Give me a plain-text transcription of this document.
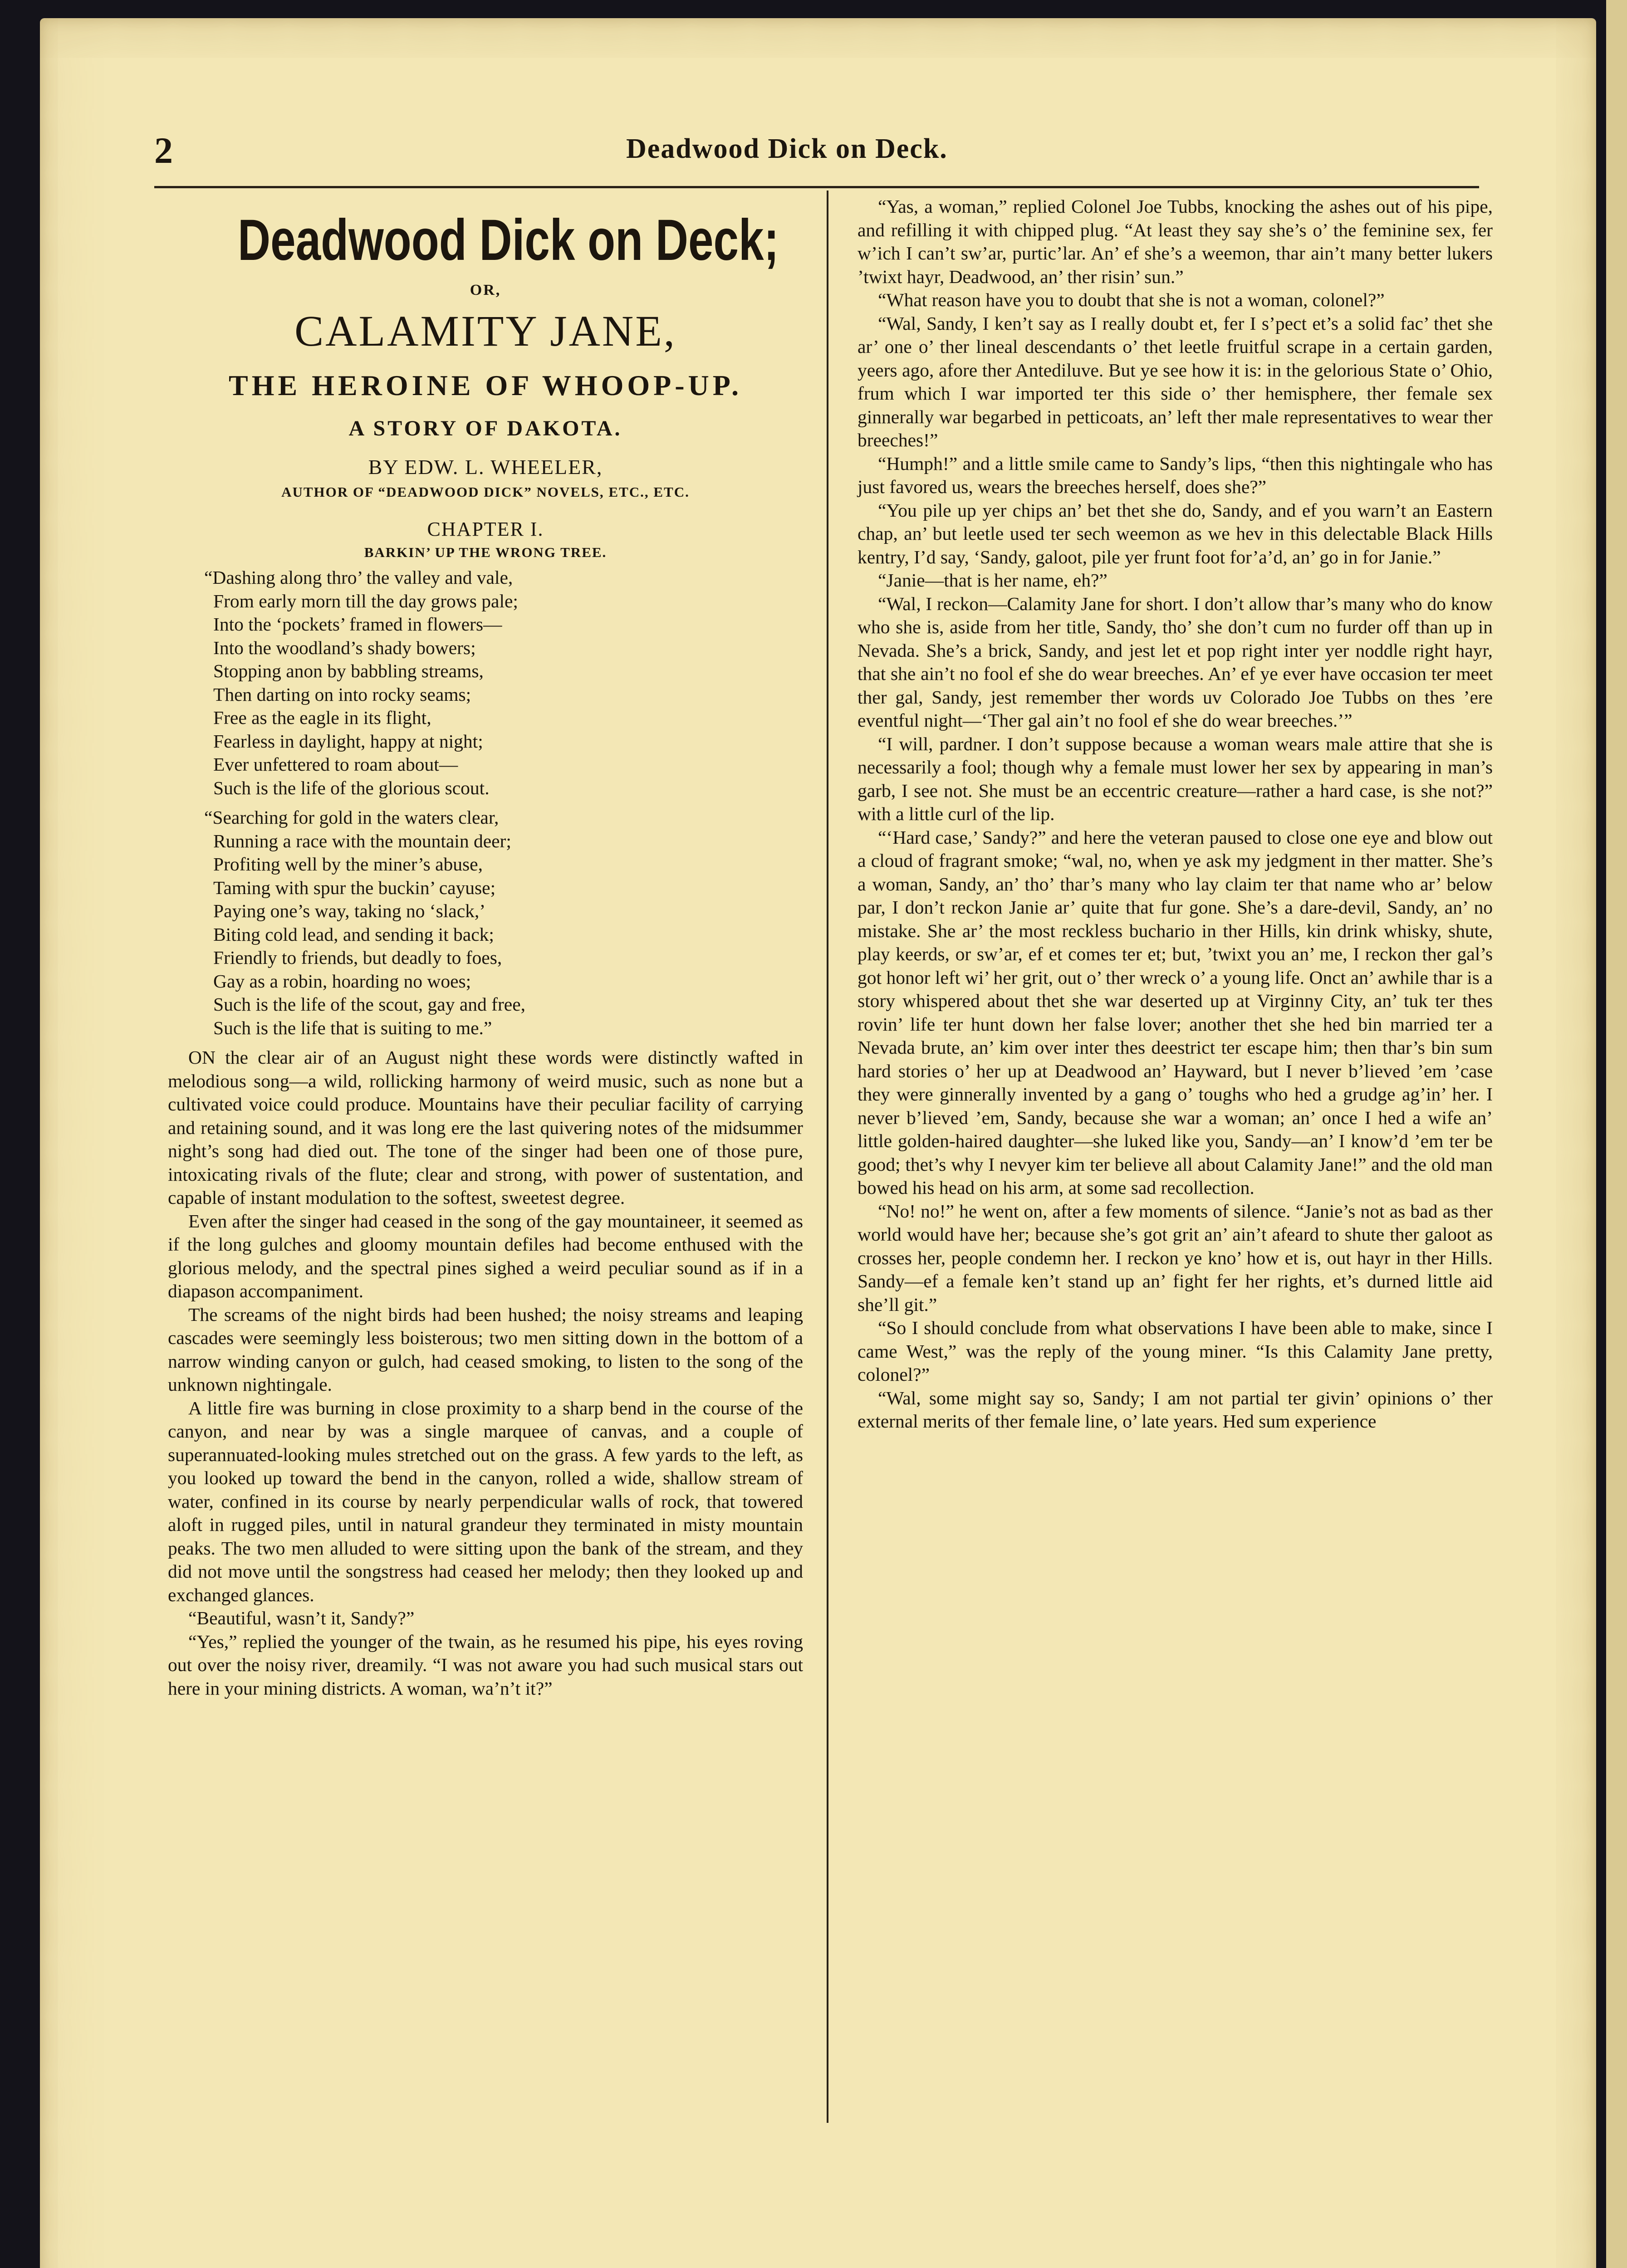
2	Deadwood Dick on Deck.
Deadwood Dick on Deck;
OR,
CALAMITY JANE,
THE HEROINE OF WHOOP-UP.
A STORY OF DAKOTA.
BY EDW. L. WHEELER,
AUTHOR OF “DEADWOOD DICK” NOVELS, ETC., ETC.
CHAPTER I.
BARKIN’ UP THE WRONG TREE.
“Dashing along thro’ the valley and vale,
From early morn till the day grows pale;
Into the ‘pockets’ framed in flowers—
Into the woodland’s shady bowers;
Stopping anon by babbling streams,
Then darting on into rocky seams;
Free as the eagle in its flight,
Fearless in daylight, happy at night;
Ever unfettered to roam about—
Such is the life of the glorious scout.
“Searching for gold in the waters clear,
Running a race with the mountain deer;
Profiting well by the miner’s abuse,
Taming with spur the buckin’ cayuse;
Paying one’s way, taking no ‘slack,’
Biting cold lead, and sending it back;
Friendly to friends, but deadly to foes,
Gay as a robin, hoarding no woes;
Such is the life of the scout, gay and free,
Such is the life that is suiting to me.”

ON the clear air of an August night these words were distinctly wafted in melodious song—a wild, rollicking harmony of weird music, such as none but a cultivated voice could produce. Mountains have their peculiar facility of carrying and retaining sound, and it was long ere the last quivering notes of the midsummer night’s song had died out. The tone of the singer had been one of those pure, intoxicating rivals of the flute; clear and strong, with power of sustentation, and capable of instant modulation to the softest, sweetest degree.

Even after the singer had ceased in the song of the gay mountaineer, it seemed as if the long gulches and gloomy mountain defiles had become enthused with the glorious melody, and the spectral pines sighed a weird peculiar sound as if in a diapason accompaniment.

The screams of the night birds had been hushed; the noisy streams and leaping cascades were seemingly less boisterous; two men sitting down in the bottom of a narrow winding canyon or gulch, had ceased smoking, to listen to the song of the unknown nightingale.

A little fire was burning in close proximity to a sharp bend in the course of the canyon, and near by was a single marquee of canvas, and a couple of superannuated-looking mules stretched out on the grass. A few yards to the left, as you looked up toward the bend in the canyon, rolled a wide, shallow stream of water, confined in its course by nearly perpendicular walls of rock, that towered aloft in rugged piles, until in natural grandeur they terminated in misty mountain peaks. The two men alluded to were sitting upon the bank of the stream, and they did not move until the songstress had ceased her melody; then they looked up and exchanged glances.

“Beautiful, wasn’t it, Sandy?”

“Yes,” replied the younger of the twain, as he resumed his pipe, his eyes roving out over the noisy river, dreamily. “I was not aware you had such musical stars out here in your mining districts. A woman, wa’n’t it?”

“Yas, a woman,” replied Colonel Joe Tubbs, knocking the ashes out of his pipe, and refilling it with chipped plug. “At least they say she’s o’ the feminine sex, fer w’ich I can’t sw’ar, purtic’lar. An’ ef she’s a weemon, thar ain’t many better lukers ’twixt hayr, Deadwood, an’ ther risin’ sun.”

“What reason have you to doubt that she is not a woman, colonel?”

“Wal, Sandy, I ken’t say as I really doubt et, fer I s’pect et’s a solid fac’ thet she ar’ one o’ ther lineal descendants o’ thet leetle fruitful scrape in a certain garden, yeers ago, afore ther Antediluve. But ye see how it is: in the gelorious State o’ Ohio, frum which I war imported ter this side o’ ther hemisphere, ther female sex ginnerally war begarbed in petticoats, an’ left ther male representatives to wear ther breeches!”

“Humph!” and a little smile came to Sandy’s lips, “then this nightingale who has just favored us, wears the breeches herself, does she?”

“You pile up yer chips an’ bet thet she do, Sandy, and ef you warn’t an Eastern chap, an’ but leetle used ter sech weemon as we hev in this delectable Black Hills kentry, I’d say, ‘Sandy, galoot, pile yer frunt foot for’a’d, an’ go in for Janie.”

“Janie—that is her name, eh?”

“Wal, I reckon—Calamity Jane for short. I don’t allow thar’s many who do know who she is, aside from her title, Sandy, tho’ she don’t cum no furder off than up in Nevada. She’s a brick, Sandy, and jest let et pop right inter yer noddle right hayr, that she ain’t no fool ef she do wear breeches. An’ ef ye ever have occasion ter meet ther gal, Sandy, jest remember ther words uv Colorado Joe Tubbs on thes ’ere eventful night—‘Ther gal ain’t no fool ef she do wear breeches.’”

“I will, pardner. I don’t suppose because a woman wears male attire that she is necessarily a fool; though why a female must lower her sex by appearing in man’s garb, I see not. She must be an eccentric creature—rather a hard case, is she not?” with a little curl of the lip.

“‘Hard case,’ Sandy?” and here the veteran paused to close one eye and blow out a cloud of fragrant smoke; “wal, no, when ye ask my jedgment in ther matter. She’s a woman, Sandy, an’ tho’ thar’s many who lay claim ter that name who ar’ below par, I don’t reckon Janie ar’ quite that fur gone. She’s a dare-devil, Sandy, an’ no mistake. She ar’ the most reckless buchario in ther Hills, kin drink whisky, shute, play keerds, or sw’ar, ef et comes ter et; but, ’twixt you an’ me, I reckon ther gal’s got honor left wi’ her grit, out o’ ther wreck o’ a young life. Onct an’ awhile thar is a story whispered about thet she war deserted up at Virginny City, an’ tuk ter thes rovin’ life ter hunt down her false lover; another thet she hed bin married ter a Nevada brute, an’ kim over inter thes deestrict ter escape him; then thar’s bin sum hard stories o’ her up at Deadwood an’ Hayward, but I never b’lieved ’em ’case they were ginnerally invented by a gang o’ toughs who hed a grudge ag’in’ her. I never b’lieved ’em, Sandy, because she war a woman; an’ once I hed a wife an’ little golden-haired daughter—she luked like you, Sandy—an’ I know’d ’em ter be good; thet’s why I nevyer kim ter believe all about Calamity Jane!” and the old man bowed his head on his arm, at some sad recollection.

“No! no!” he went on, after a few moments of silence. “Janie’s not as bad as ther world would have her; because she’s got grit an’ ain’t afeard to shute ther galoot as crosses her, people condemn her. I reckon ye kno’ how et is, out hayr in ther Hills. Sandy—ef a female ken’t stand up an’ fight fer her rights, et’s durned little aid she’ll git.”

“So I should conclude from what observations I have been able to make, since I came West,” was the reply of the young miner. “Is this Calamity Jane pretty, colonel?”

“Wal, some might say so, Sandy; I am not partial ter givin’ opinions o’ ther external merits of ther female line, o’ late years. Hed sum experience
